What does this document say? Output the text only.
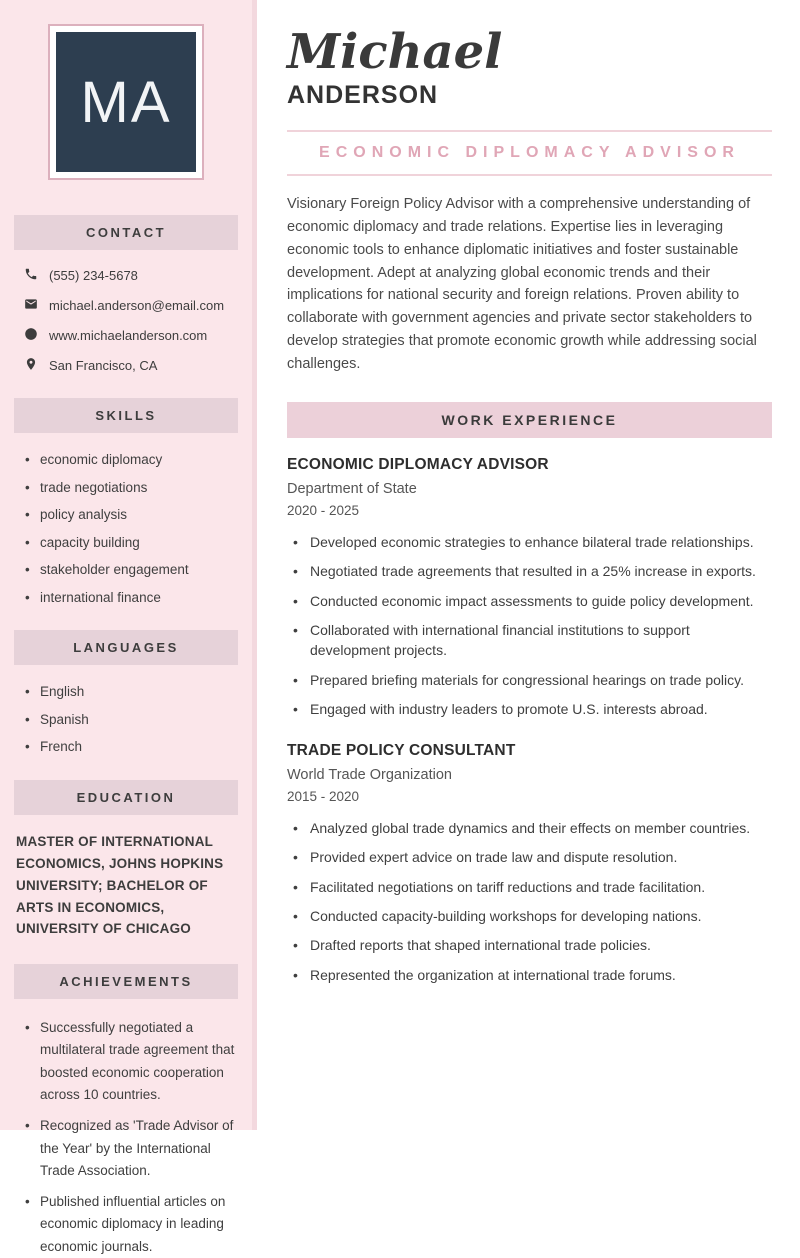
MA
CONTACT
(555) 234-5678
michael.anderson@email.com
www.michaelanderson.com
San Francisco, CA
SKILLS
• economic diplomacy
• trade negotiations
• policy analysis
• capacity building
• stakeholder engagement
• international finance
LANGUAGES
• English
• Spanish
• French
EDUCATION
MASTER OF INTERNATIONAL ECONOMICS, JOHNS HOPKINS UNIVERSITY; BACHELOR OF ARTS IN ECONOMICS, UNIVERSITY OF CHICAGO
ACHIEVEMENTS
• Successfully negotiated a multilateral trade agreement that boosted economic cooperation across 10 countries.
• Recognized as 'Trade Advisor of the Year' by the International Trade Association.
• Published influential articles on economic diplomacy in leading economic journals.
Michael
ANDERSON
ECONOMIC DIPLOMACY ADVISOR

Visionary Foreign Policy Advisor with a comprehensive understanding of economic diplomacy and trade relations. Expertise lies in leveraging economic tools to enhance diplomatic initiatives and foster sustainable development. Adept at analyzing global economic trends and their implications for national security and foreign relations. Proven ability to collaborate with government agencies and private sector stakeholders to develop strategies that promote economic growth while addressing social challenges.

WORK EXPERIENCE
ECONOMIC DIPLOMACY ADVISOR
Department of State
2020 - 2025
• Developed economic strategies to enhance bilateral trade relationships.
• Negotiated trade agreements that resulted in a 25% increase in exports.
• Conducted economic impact assessments to guide policy development.
• Collaborated with international financial institutions to support development projects.
• Prepared briefing materials for congressional hearings on trade policy.
• Engaged with industry leaders to promote U.S. interests abroad.
TRADE POLICY CONSULTANT
World Trade Organization
2015 - 2020
• Analyzed global trade dynamics and their effects on member countries.
• Provided expert advice on trade law and dispute resolution.
• Facilitated negotiations on tariff reductions and trade facilitation.
• Conducted capacity-building workshops for developing nations.
• Drafted reports that shaped international trade policies.
• Represented the organization at international trade forums.
